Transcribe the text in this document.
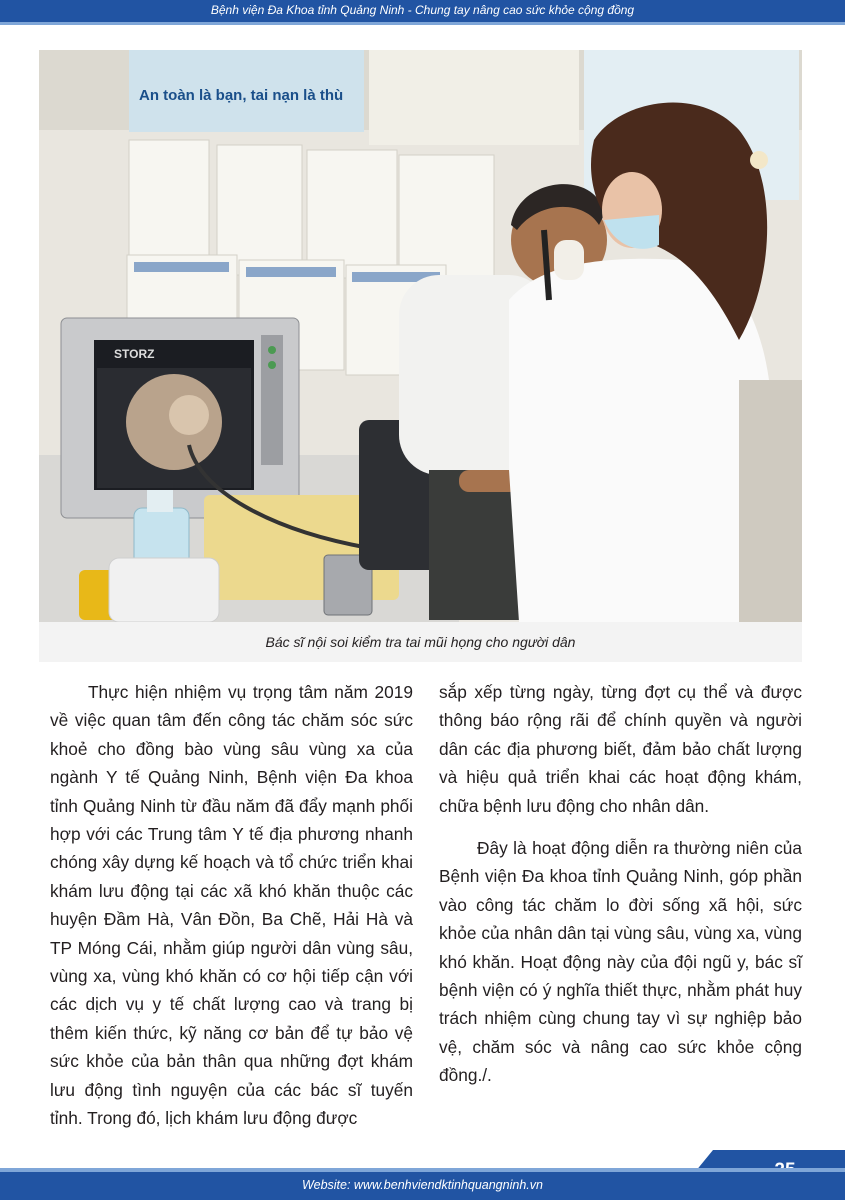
Bệnh viện Đa Khoa tỉnh Quảng Ninh - Chung tay nâng cao sức khỏe cộng đồng
An toàn là bạn, tai nạn là thù
STORZ
Bác sĩ nội soi kiểm tra tai mũi họng cho người dân

Thực hiện nhiệm vụ trọng tâm năm 2019 về việc quan tâm đến công tác chăm sóc sức khoẻ cho đồng bào vùng sâu vùng xa của ngành Y tế Quảng Ninh, Bệnh viện Đa khoa tỉnh Quảng Ninh từ đầu năm đã đẩy mạnh phối hợp với các Trung tâm Y tế địa phương nhanh chóng xây dựng kế hoạch và tổ chức triển khai khám lưu động tại các xã khó khăn thuộc các huyện Đầm Hà, Vân Đồn, Ba Chẽ, Hải Hà và TP Móng Cái, nhằm giúp người dân vùng sâu, vùng xa, vùng khó khăn có cơ hội tiếp cận với các dịch vụ y tế chất lượng cao và trang bị thêm kiến thức, kỹ năng cơ bản để tự bảo vệ sức khỏe của bản thân qua những đợt khám lưu động tình nguyện của các bác sĩ tuyến tỉnh. Trong đó, lịch khám lưu động được

sắp xếp từng ngày, từng đợt cụ thể và được thông báo rộng rãi để chính quyền và người dân các địa phương biết, đảm bảo chất lượng và hiệu quả triển khai các hoạt động khám, chữa bệnh lưu động cho nhân dân.

Đây là hoạt động diễn ra thường niên của Bệnh viện Đa khoa tỉnh Quảng Ninh, góp phần vào công tác chăm lo đời sống xã hội, sức khỏe của nhân dân tại vùng sâu, vùng xa, vùng khó khăn. Hoạt động này của đội ngũ y, bác sĩ bệnh viện có ý nghĩa thiết thực, nhằm phát huy trách nhiệm cùng chung tay vì sự nghiệp bảo vệ, chăm sóc và nâng cao sức khỏe cộng đồng./.

Website: www.benhviendktinhquangninh.vn
